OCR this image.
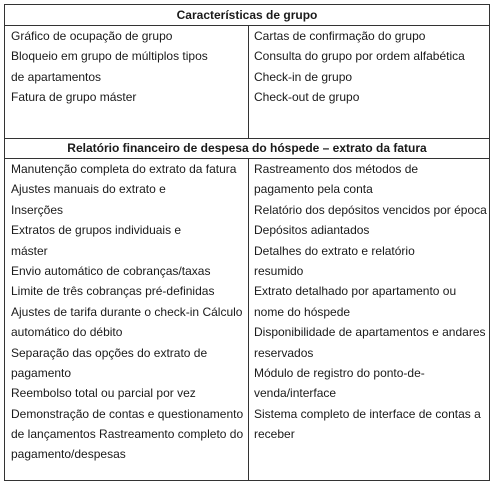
Características de grupo
Gráfico de ocupação de grupo
Bloqueio em grupo de múltiplos tipos
de apartamentos
Fatura de grupo máster
Cartas de confirmação do grupo
Consulta do grupo por ordem alfabética
Check-in de grupo
Check-out de grupo
Relatório financeiro de despesa do hóspede – extrato da fatura
Manutenção completa do extrato da fatura
Ajustes manuais do extrato e
Inserções
Extratos de grupos individuais e
máster
Envio automático de cobranças/taxas
Limite de três cobranças pré-definidas
Ajustes de tarifa durante o check-in Cálculo
automático do débito
Separação das opções do extrato de
pagamento
Reembolso total ou parcial por vez
Demonstração de contas e questionamento
de lançamentos Rastreamento completo do
pagamento/despesas
Rastreamento dos métodos de
pagamento pela conta
Relatório dos depósitos vencidos por época
Depósitos adiantados
Detalhes do extrato e relatório
resumido
Extrato detalhado por apartamento ou
nome do hóspede
Disponibilidade de apartamentos e andares
reservados
Módulo de registro do ponto-de-
venda/interface
Sistema completo de interface de contas a
receber
